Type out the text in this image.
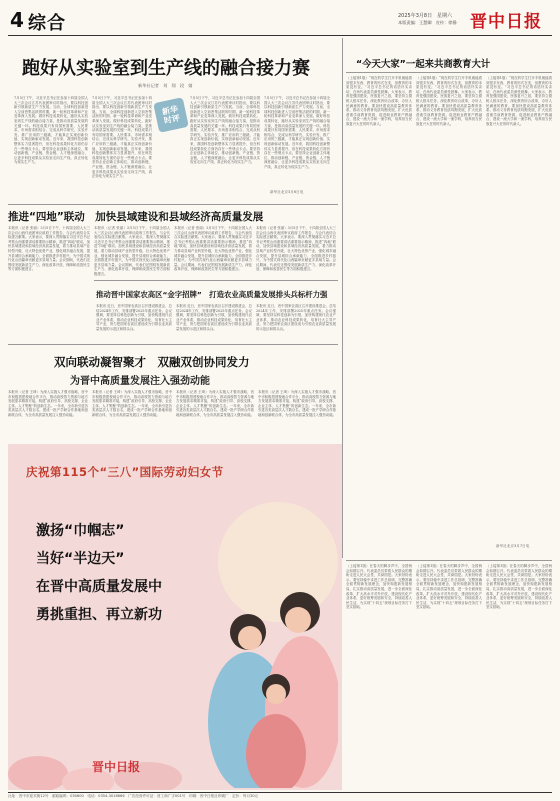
4 综合	2025年3月8日 星期六
本版责编：王慧卿　宣传：徐静 晋中日报
跑好从实验室到生产线的融合接力赛
新华社记者　刘　翔　段　婧
7月5日下午，习近平总书记在参加十四届全国人大三次会议江苏代表团审议时指出，要以科技创新引领新质生产力发展。当前，全球科技创新进入空前密集活跃的时期，新一轮科技革命和产业变革深入发展。做好科技成果转化，跑好从实验室到生产线的融合接力赛，是推动高质量发展的关键一环。科技成果只有同国家需要、人民要求、市场需求相结合，完成从科学研究、实验开发、推广应用的三级跳，才能真正实现创新价值、实现创新驱动发展。近年来，我国科技创新整体实力显著提升，但在科技成果转化方面仍存在一些堵点卡点。要坚持企业创新主体地位，推动创新链、产业链、资金链、人才链深度融合，让更多科技成果从实验室走向生产线，真正转化为现实生产力。
7月5日下午，习近平总书记在参加十四届全国人大三次会议江苏代表团审议时指出，要以科技创新引领新质生产力发展。当前，全球科技创新进入空前密集活跃的时期，新一轮科技革命和产业变革深入发展。做好科技成果转化，跑好从实验室到生产线的融合接力赛，是推动高质量发展的关键一环。科技成果只有同国家需要、人民要求、市场需求相结合，完成从科学研究、实验开发、推广应用的三级跳，才能真正实现创新价值、实现创新驱动发展。近年来，我国科技创新整体实力显著提升，但在科技成果转化方面仍存在一些堵点卡点。要坚持企业创新主体地位，推动创新链、产业链、资金链、人才链深度融合，让更多科技成果从实验室走向生产线，真正转化为现实生产力。
新华时评
7月5日下午，习近平总书记在参加十四届全国人大三次会议江苏代表团审议时指出，要以科技创新引领新质生产力发展。当前，全球科技创新进入空前密集活跃的时期，新一轮科技革命和产业变革深入发展。做好科技成果转化，跑好从实验室到生产线的融合接力赛，是推动高质量发展的关键一环。科技成果只有同国家需要、人民要求、市场需求相结合，完成从科学研究、实验开发、推广应用的三级跳，才能真正实现创新价值、实现创新驱动发展。近年来，我国科技创新整体实力显著提升，但在科技成果转化方面仍存在一些堵点卡点。要坚持企业创新主体地位，推动创新链、产业链、资金链、人才链深度融合，让更多科技成果从实验室走向生产线，真正转化为现实生产力。
7月5日下午，习近平总书记在参加十四届全国人大三次会议江苏代表团审议时指出，要以科技创新引领新质生产力发展。当前，全球科技创新进入空前密集活跃的时期，新一轮科技革命和产业变革深入发展。做好科技成果转化，跑好从实验室到生产线的融合接力赛，是推动高质量发展的关键一环。科技成果只有同国家需要、人民要求、市场需求相结合，完成从科学研究、实验开发、推广应用的三级跳，才能真正实现创新价值、实现创新驱动发展。近年来，我国科技创新整体实力显著提升，但在科技成果转化方面仍存在一些堵点卡点。要坚持企业创新主体地位，推动创新链、产业链、资金链、人才链深度融合，让更多科技成果从实验室走向生产线，真正转化为现实生产力。
新华社北京3月6日电
推进“四地”联动　加快县域建设和县域经济高质量发展
本报讯（记者 张丽）3月5日下午，十四届全国人大三次会议山西代表团审议政府工作报告，与会代表结合实际建言献策。大家表示，要深入贯彻落实习近平总书记考察山西重要讲话重要指示精神，推进“四地”联动，加快县域建设和县域经济高质量发展，着力推动县域产业转型升级，壮大特色优势产业，强化城乡融合发展，提升县城综合承载能力，全面推进乡村振兴，为中国式现代化山西篇章贡献更多县域力量。会议期间，代表们还围绕发展新质生产力、深化改革开放、保障和改善民生等方面积极建言。
本报讯（记者 张丽）3月5日下午，十四届全国人大三次会议山西代表团审议政府工作报告，与会代表结合实际建言献策。大家表示，要深入贯彻落实习近平总书记考察山西重要讲话重要指示精神，推进“四地”联动，加快县域建设和县域经济高质量发展，着力推动县域产业转型升级，壮大特色优势产业，强化城乡融合发展，提升县城综合承载能力，全面推进乡村振兴，为中国式现代化山西篇章贡献更多县域力量。会议期间，代表们还围绕发展新质生产力、深化改革开放、保障和改善民生等方面积极建言。
本报讯（记者 张丽）3月5日下午，十四届全国人大三次会议山西代表团审议政府工作报告，与会代表结合实际建言献策。大家表示，要深入贯彻落实习近平总书记考察山西重要讲话重要指示精神，推进“四地”联动，加快县域建设和县域经济高质量发展，着力推动县域产业转型升级，壮大特色优势产业，强化城乡融合发展，提升县城综合承载能力，全面推进乡村振兴，为中国式现代化山西篇章贡献更多县域力量。会议期间，代表们还围绕发展新质生产力、深化改革开放、保障和改善民生等方面积极建言。
本报讯（记者 张丽）3月5日下午，十四届全国人大三次会议山西代表团审议政府工作报告，与会代表结合实际建言献策。大家表示，要深入贯彻落实习近平总书记考察山西重要讲话重要指示精神，推进“四地”联动，加快县域建设和县域经济高质量发展，着力推动县域产业转型升级，壮大特色优势产业，强化城乡融合发展，提升县城综合承载能力，全面推进乡村振兴，为中国式现代化山西篇章贡献更多县域力量。会议期间，代表们还围绕发展新质生产力、深化改革开放、保障和改善民生等方面积极建言。
推动晋中国家农高区“金字招牌”　打造农业高质量发展排头兵标杆力强
本报讯 近日，晋中国家农高区召开建设推进会，总结2024年工作，安排部署2025年重点任务。会议强调，要坚持以科技创新为引领，加快构建现代农业产业体系，推动农业科技成果转化，培育壮大主导产业，努力把国家农高区建设成为引领农业高质量发展的示范区和排头兵。
本报讯 近日，晋中国家农高区召开建设推进会，总结2024年工作，安排部署2025年重点任务。会议强调，要坚持以科技创新为引领，加快构建现代农业产业体系，推动农业科技成果转化，培育壮大主导产业，努力把国家农高区建设成为引领农业高质量发展的示范区和排头兵。
本报讯 近日，晋中国家农高区召开建设推进会，总结2024年工作，安排部署2025年重点任务。会议强调，要坚持以科技创新为引领，加快构建现代农业产业体系，推动农业科技成果转化，培育壮大主导产业，努力把国家农高区建设成为引领农业高质量发展的示范区和排头兵。
双向联动凝智聚才　双融双创协同发力
为晋中高质量发展注入强劲动能
本报讯（记者 王琦）为深入实施人才强市战略，晋中市积极搭建校地合作平台，推动高校智力资源与地方发展需求精准对接，构建“政府引导、高校支撑、企业主体、人才集聚”的创新生态。一年来，全市新引进各类高层次人才数百名，建成一批产学研合作基地和创新联合体，为全市高质量发展注入强劲动能。
本报讯（记者 王琦）为深入实施人才强市战略，晋中市积极搭建校地合作平台，推动高校智力资源与地方发展需求精准对接，构建“政府引导、高校支撑、企业主体、人才集聚”的创新生态。一年来，全市新引进各类高层次人才数百名，建成一批产学研合作基地和创新联合体，为全市高质量发展注入强劲动能。
本报讯（记者 王琦）为深入实施人才强市战略，晋中市积极搭建校地合作平台，推动高校智力资源与地方发展需求精准对接，构建“政府引导、高校支撑、企业主体、人才集聚”的创新生态。一年来，全市新引进各类高层次人才数百名，建成一批产学研合作基地和创新联合体，为全市高质量发展注入强劲动能。
本报讯（记者 王琦）为深入实施人才强市战略，晋中市积极搭建校地合作平台，推动高校智力资源与地方发展需求精准对接，构建“政府引导、高校支撑、企业主体、人才集聚”的创新生态。一年来，全市新引进各类高层次人才数百名，建成一批产学研合作基地和创新联合体，为全市高质量发展注入强劲动能。
“今天大家”一起来共商教育大计
（上接第1版）“现在的学生打开手机就能看到很多东西，教育的形式在变，但教育的本质没有变。”习近平总书记的话语朴实亲切，在场代表委员深受鼓舞。大家表示，教育是强国建设、民族复兴之基，要坚持立德树人根本任务，深化教育综合改革，办好人民满意的教育。要加快建设高质量教育体系，推动义务教育优质均衡发展，扩大优质普惠学前教育资源，促进职业教育产教融合，建设一流大学和一流学科，培养担当民族复兴大任的时代新人。
（上接第1版）“现在的学生打开手机就能看到很多东西，教育的形式在变，但教育的本质没有变。”习近平总书记的话语朴实亲切，在场代表委员深受鼓舞。大家表示，教育是强国建设、民族复兴之基，要坚持立德树人根本任务，深化教育综合改革，办好人民满意的教育。要加快建设高质量教育体系，推动义务教育优质均衡发展，扩大优质普惠学前教育资源，促进职业教育产教融合，建设一流大学和一流学科，培养担当民族复兴大任的时代新人。
（上接第1版）“现在的学生打开手机就能看到很多东西，教育的形式在变，但教育的本质没有变。”习近平总书记的话语朴实亲切，在场代表委员深受鼓舞。大家表示，教育是强国建设、民族复兴之基，要坚持立德树人根本任务，深化教育综合改革，办好人民满意的教育。要加快建设高质量教育体系，推动义务教育优质均衡发展，扩大优质普惠学前教育资源，促进职业教育产教融合，建设一流大学和一流学科，培养担当民族复兴大任的时代新人。
新华社北京3月7日电
庆祝第115个“三八”国际劳动妇女节
激扬“巾帼志”
当好“半边天”
在晋中高质量发展中
勇挑重担、再立新功
晋中日报
（上接第1版）在春天的脚步声中，全国两会如期召开。代表委员们带着人民群众的期盼走进人民大会堂，共商国是。大家纷纷表示，要坚持稳中求进工作总基调，完整准确全面贯彻新发展理念，加快构建新发展格局，扎实推动高质量发展，进一步全面深化改革，扩大高水平对外开放，建设现代化产业体系，更好统筹发展和安全，持续改善人民生活，为实现“十四五”规划目标任务打下坚实基础。
（上接第1版）在春天的脚步声中，全国两会如期召开。代表委员们带着人民群众的期盼走进人民大会堂，共商国是。大家纷纷表示，要坚持稳中求进工作总基调，完整准确全面贯彻新发展理念，加快构建新发展格局，扎实推动高质量发展，进一步全面深化改革，扩大高水平对外开放，建设现代化产业体系，更好统筹发展和安全，持续改善人民生活，为实现“十四五”规划目标任务打下坚实基础。
（上接第1版）在春天的脚步声中，全国两会如期召开。代表委员们带着人民群众的期盼走进人民大会堂，共商国是。大家纷纷表示，要坚持稳中求进工作总基调，完整准确全面贯彻新发展理念，加快构建新发展格局，扎实推动高质量发展，进一步全面深化改革，扩大高水平对外开放，建设现代化产业体系，更好统筹发展和安全，持续改善人民生活，为实现“十四五”规划目标任务打下坚实基础。
社址：晋中市迎宾街12号　邮政编码：030600　电话：0354-3016666　广告经营许可证：晋工商广字001号　印刷：晋中日报社印刷厂　定价：每月30元
